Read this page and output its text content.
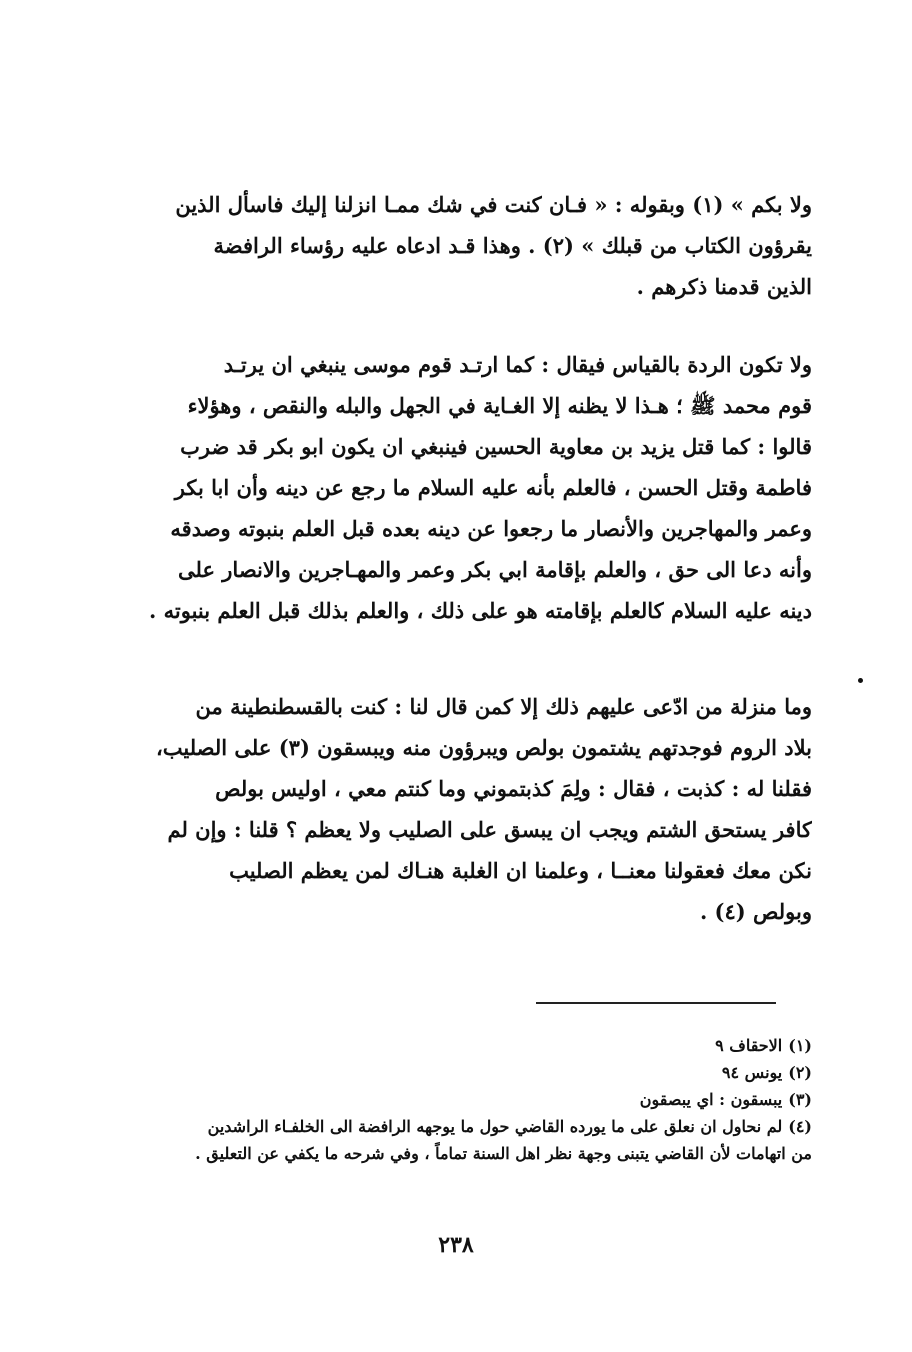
ولا بكم » (١) وبقوله : « فـان كنت في شك ممـا انزلنا إليك فاسأل الذين
يقرؤون الكتاب من قبلك » (٢) . وهذا قـد ادعاه عليه رؤساء الرافضة
الذين قدمنا ذكرهم .
ولا تكون الردة بالقياس فيقال : كما ارتـد قوم موسى ينبغي ان يرتـد
قوم محمد ﷺ ؛ هـذا لا يظنه إلا الغـاية في الجهل والبله والنقص ، وهؤلاء
قالوا : كما قتل يزيد بن معاوية الحسين فينبغي ان يكون ابو بكر قد ضرب
فاطمة وقتل الحسن ، فالعلم بأنه عليه السلام ما رجع عن دينه وأن ابا بكر
وعمر والمهاجرين والأنصار ما رجعوا عن دينه بعده قبل العلم بنبوته وصدقه
وأنه دعا الى حق ، والعلم بإقامة ابي بكر وعمر والمهـاجرين والانصار على
دينه عليه السلام كالعلم بإقامته هو على ذلك ، والعلم بذلك قبل العلم بنبوته .
وما منزلة من ادّعى عليهم ذلك إلا كمن قال لنا : كنت بالقسطنطينة من
بلاد الروم فوجدتهم يشتمون بولص ويبرؤون منه ويبسقون (٣) على الصليب،
فقلنا له : كذبت ، فقال : ولِمَ كذبتموني وما كنتم معي ، اوليس بولص
كافر يستحق الشتم ويجب ان يبسق على الصليب ولا يعظم ؟ قلنا : وإن لم
نكن معك فعقولنا معنــا ، وعلمنا ان الغلبة هنـاك لمن يعظم الصليب
وبولص (٤) .
(١)الاحقاف ٩
(٢)يونس ٩٤
(٣)يبسقون : اي يبصقون
(٤)لم نحاول ان نعلق على ما يورده القاضي حول ما يوجهه الرافضة الى الخلفـاء الراشدين
من اتهامات لأن القاضي يتبنى وجهة نظر اهل السنة تماماً ، وفي شرحه ما يكفي عن التعليق .
٢٣٨
